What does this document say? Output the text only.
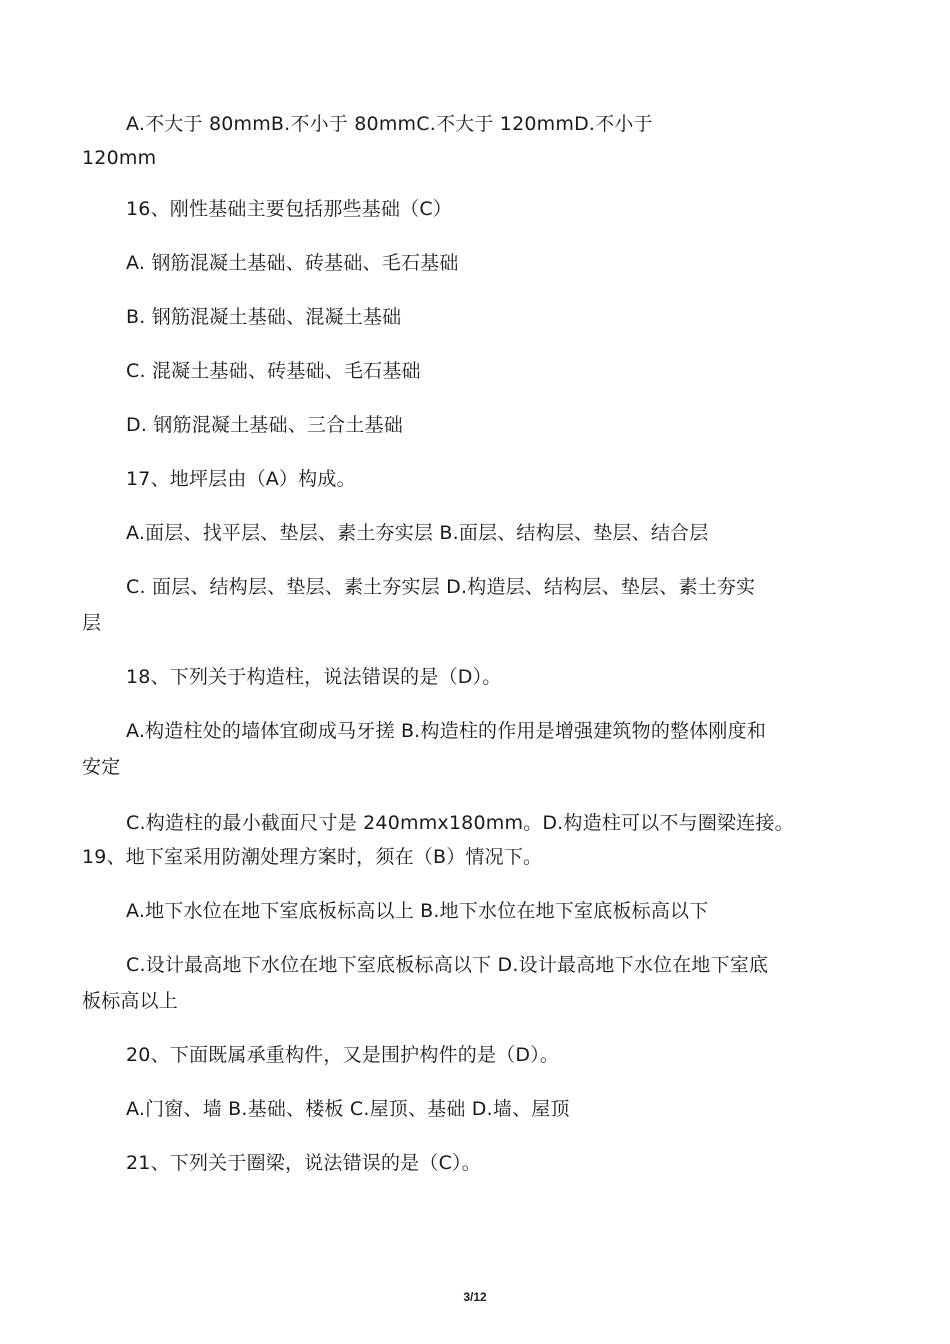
A.不大于 80mmB.不小于 80mmC.不大于 120mmD.不小于
120mm
16、刚性基础主要包括那些基础（C）
A. 钢筋混凝土基础、砖基础、毛石基础
B. 钢筋混凝土基础、混凝土基础
C. 混凝土基础、砖基础、毛石基础
D. 钢筋混凝土基础、三合土基础
17、地坪层由（A）构成。
A.面层、找平层、垫层、素土夯实层 B.面层、结构层、垫层、结合层
C. 面层、结构层、垫层、素土夯实层 D.构造层、结构层、垫层、素土夯实
层
18、下列关于构造柱，说法错误的是（D）。
A.构造柱处的墙体宜砌成马牙搓 B.构造柱的作用是增强建筑物的整体刚度和
安定
C.构造柱的最小截面尺寸是 240mmx180mm。D.构造柱可以不与圈梁连接。
19、地下室采用防潮处理方案时，须在（B）情况下。
A.地下水位在地下室底板标高以上 B.地下水位在地下室底板标高以下
C.设计最高地下水位在地下室底板标高以下 D.设计最高地下水位在地下室底
板标高以上
20、下面既属承重构件，又是围护构件的是（D）。
A.门窗、墙 B.基础、楼板 C.屋顶、基础 D.墙、屋顶
21、下列关于圈梁，说法错误的是（C）。
3/12
